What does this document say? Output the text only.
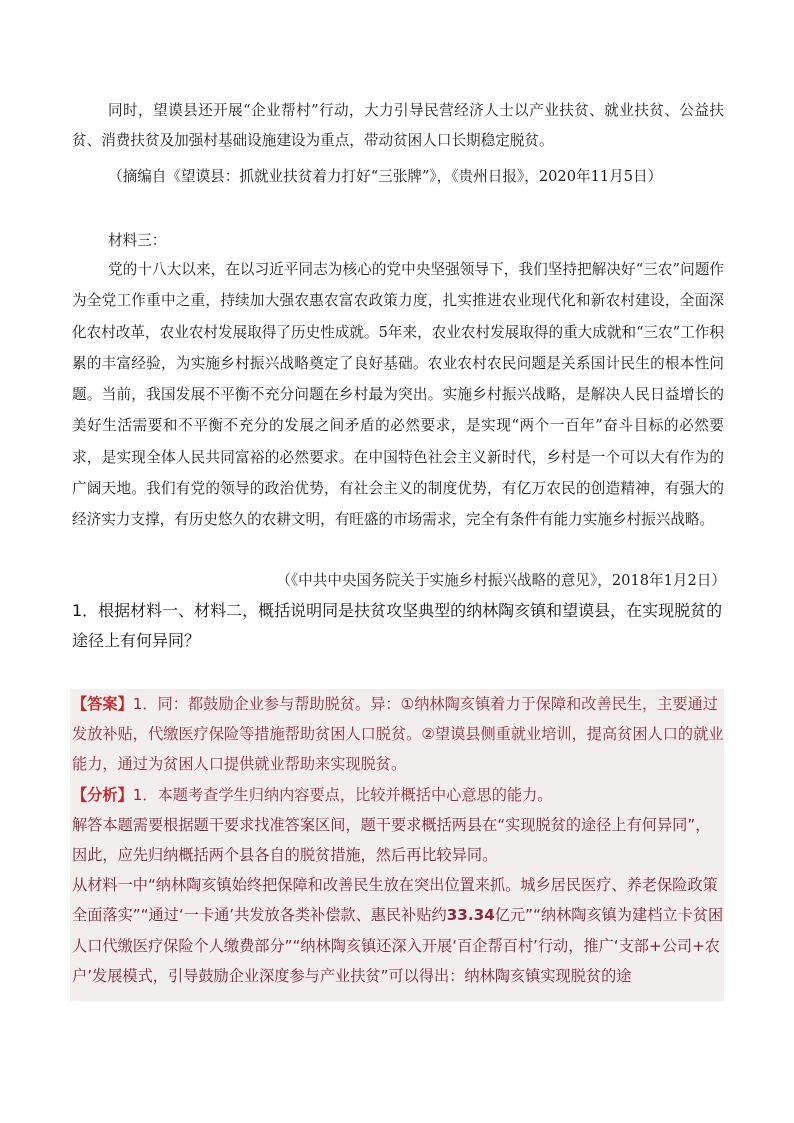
同时，望谟县还开展“企业帮村”行动，大力引导民营经济人士以产业扶贫、就业扶贫、公益扶贫、消费扶贫及加强村基础设施建设为重点，带动贫困人口长期稳定脱贫。
（摘编自《望谟县：抓就业扶贫着力打好“三张牌”》，《贵州日报》，2020年11月5日）
材料三：
党的十八大以来，在以习近平同志为核心的党中央坚强领导下，我们坚持把解决好“三农”问题作为全党工作重中之重，持续加大强农惠农富农政策力度，扎实推进农业现代化和新农村建设，全面深化农村改革，农业农村发展取得了历史性成就。5年来，农业农村发展取得的重大成就和“三农”工作积累的丰富经验，为实施乡村振兴战略奠定了良好基础。农业农村农民问题是关系国计民生的根本性问题。当前，我国发展不平衡不充分问题在乡村最为突出。实施乡村振兴战略，是解决人民日益增长的美好生活需要和不平衡不充分的发展之间矛盾的必然要求，是实现“两个一百年”奋斗目标的必然要求，是实现全体人民共同富裕的必然要求。在中国特色社会主义新时代，乡村是一个可以大有作为的广阔天地。我们有党的领导的政治优势，有社会主义的制度优势，有亿万农民的创造精神，有强大的经济实力支撑，有历史悠久的农耕文明，有旺盛的市场需求，完全有条件有能力实施乡村振兴战略。
（《中共中央国务院关于实施乡村振兴战略的意见》，2018年1月2日）
1．根据材料一、材料二，概括说明同是扶贫攻坚典型的纳林陶亥镇和望谟县，在实现脱贫的途径上有何异同？
【答案】1．同：都鼓励企业参与帮助脱贫。异：①纳林陶亥镇着力于保障和改善民生，主要通过发放补贴，代缴医疗保险等措施帮助贫困人口脱贫。②望谟县侧重就业培训，提高贫困人口的就业能力，通过为贫困人口提供就业帮助来实现脱贫。
【分析】1．本题考查学生归纳内容要点，比较并概括中心意思的能力。
解答本题需要根据题干要求找准答案区间，题干要求概括两县在“实现脱贫的途径上有何异同”，因此，应先归纳概括两个县各自的脱贫措施，然后再比较异同。
从材料一中“纳林陶亥镇始终把保障和改善民生放在突出位置来抓。城乡居民医疗、养老保险政策全面落实”“通过‘一卡通’共发放各类补偿款、惠民补贴约33.34亿元”“纳林陶亥镇为建档立卡贫困人口代缴医疗保险个人缴费部分”“纳林陶亥镇还深入开展‘百企帮百村’行动，推广‘支部+公司+农户’发展模式，引导鼓励企业深度参与产业扶贫”可以得出：纳林陶亥镇实现脱贫的途
